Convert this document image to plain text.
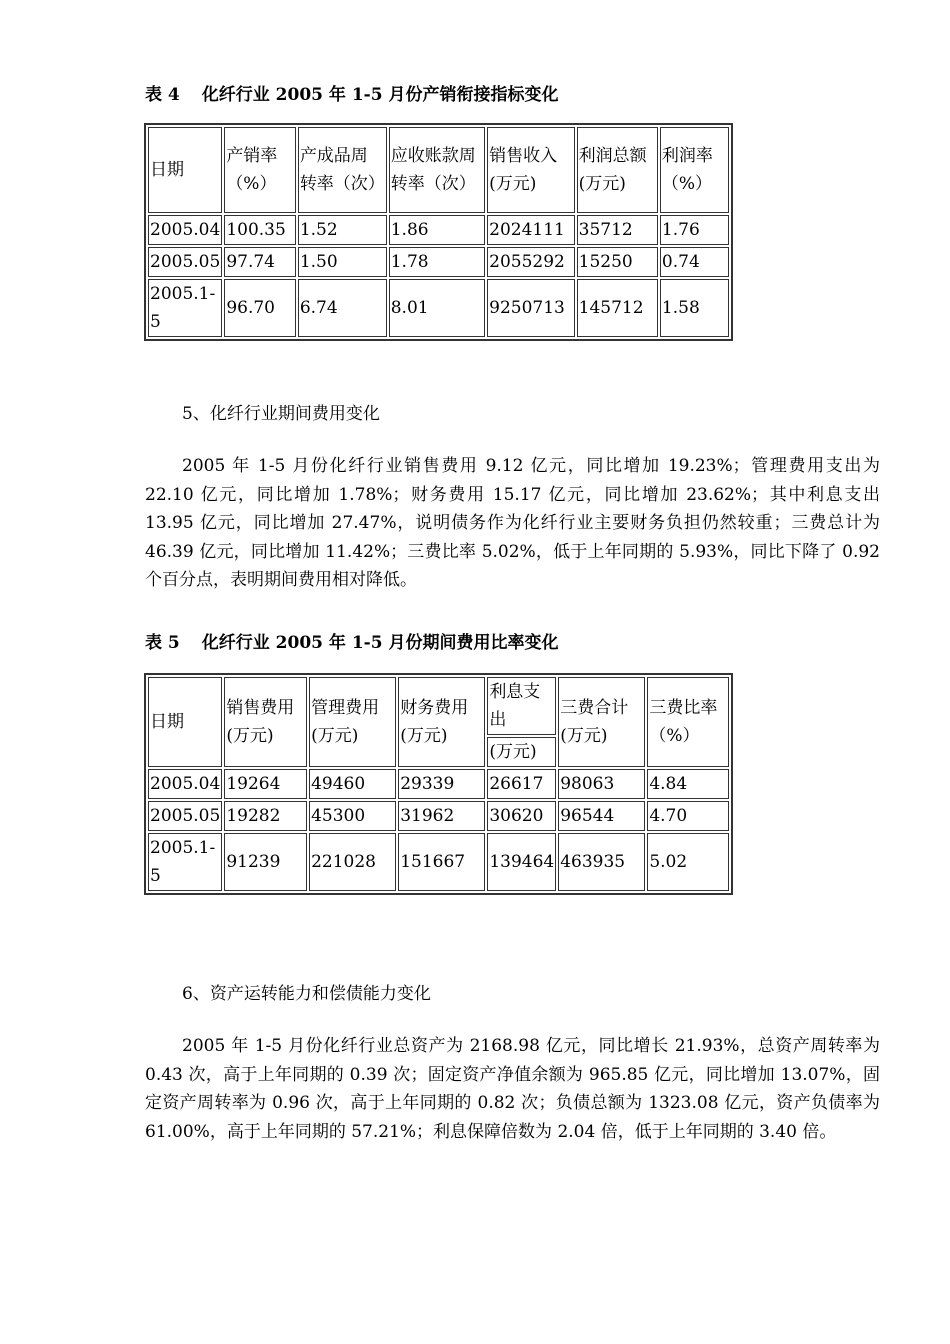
表 4 化纤行业 2005 年 1-5 月份产销衔接指标变化
日期	产销率（%）	产成品周转率（次）	应收账款周转率（次）	销售收入(万元)	利润总额(万元)	利润率（%）
2005.04	100.35	1.52	1.86	2024111	35712	1.76
2005.05	97.74	1.50	1.78	2055292	15250	0.74
2005.1-5	96.70	6.74	8.01	9250713	145712	1.58
5、化纤行业期间费用变化

2005 年 1-5 月份化纤行业销售费用 9.12 亿元，同比增加 19.23%；管理费用支出为 22.10 亿元，同比增加 1.78%；财务费用 15.17 亿元，同比增加 23.62%；其中利息支出 13.95 亿元，同比增加 27.47%，说明债务作为化纤行业主要财务负担仍然较重；三费总计为 46.39 亿元，同比增加 11.42%；三费比率 5.02%，低于上年同期的 5.93%，同比下降了 0.92 个百分点，表明期间费用相对降低。

表 5 化纤行业 2005 年 1-5 月份期间费用比率变化
日期	销售费用(万元)	管理费用(万元)	财务费用(万元)	利息支出	三费合计(万元)	三费比率（%）
				(万元)		
2005.04	19264	49460	29339	26617	98063	4.84
2005.05	19282	45300	31962	30620	96544	4.70
2005.1-5	91239	221028	151667	139464	463935	5.02
6、资产运转能力和偿债能力变化

2005 年 1-5 月份化纤行业总资产为 2168.98 亿元，同比增长 21.93%，总资产周转率为 0.43 次，高于上年同期的 0.39 次；固定资产净值余额为 965.85 亿元，同比增加 13.07%，固定资产周转率为 0.96 次，高于上年同期的 0.82 次；负债总额为 1323.08 亿元，资产负债率为 61.00%，高于上年同期的 57.21%；利息保障倍数为 2.04 倍，低于上年同期的 3.40 倍。
